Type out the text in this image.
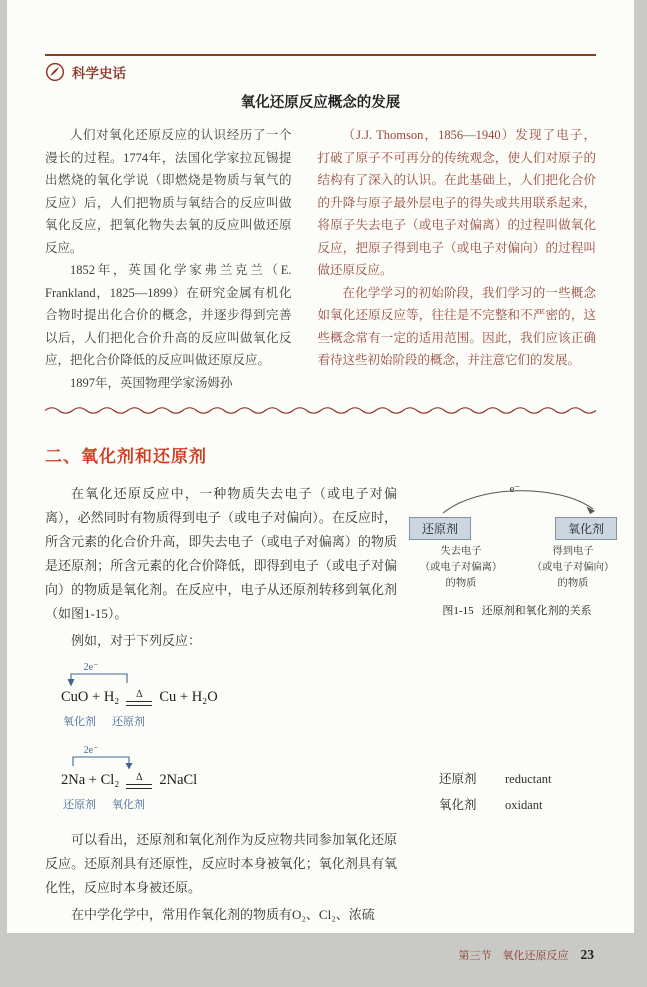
科学史话
氧化还原反应概念的发展

人们对氧化还原反应的认识经历了一个漫长的过程。1774年，法国化学家拉瓦锡提出燃烧的氧化学说（即燃烧是物质与氧气的反应）后，人们把物质与氧结合的反应叫做氧化反应，把氧化物失去氧的反应叫做还原反应。

1852年，英国化学家弗兰克兰（E. Frankland，1825—1899）在研究金属有机化合物时提出化合价的概念，并逐步得到完善以后，人们把化合价升高的反应叫做氧化反应，把化合价降低的反应叫做还原反应。

1897年，英国物理学家汤姆孙

（J.J. Thomson，1856—1940）发现了电子，打破了原子不可再分的传统观念，使人们对原子的结构有了深入的认识。在此基础上，人们把化合价的升降与原子最外层电子的得失或共用联系起来，将原子失去电子（或电子对偏离）的过程叫做氧化反应，把原子得到电子（或电子对偏向）的过程叫做还原反应。

在化学学习的初始阶段，我们学习的一些概念如氧化还原反应等，往往是不完整和不严密的，这些概念常有一定的适用范围。因此，我们应该正确看待这些初始阶段的概念，并注意它们的发展。

二、氧化剂和还原剂

在氧化还原反应中，一种物质失去电子（或电子对偏离），必然同时有物质得到电子（或电子对偏向）。在反应时，所含元素的化合价升高，即失去电子（或电子对偏离）的物质是还原剂；所含元素的化合价降低，即得到电子（或电子对偏向）的物质是氧化剂。在反应中，电子从还原剂转移到氧化剂（如图1-15）。

例如，对于下列反应：

2e⁻
CuO + H₂ Δ Cu + H₂O
氧化剂 还原剂
2e⁻
2Na + Cl₂ Δ 2NaCl
还原剂 氧化剂

可以看出，还原剂和氧化剂作为反应物共同参加氧化还原反应。还原剂具有还原性，反应时本身被氧化；氧化剂具有氧化性，反应时本身被还原。

在中学化学中，常用作氧化剂的物质有O₂、Cl₂、浓硫

e⁻
还原剂	氧化剂
失去电子
（或电子对偏离）
的物质
得到电子
（或电子对偏向）
的物质
图1-15 还原剂和氧化剂的关系
还原剂	reductant
氧化剂	oxidant
第三节　氧化还原反应 23
